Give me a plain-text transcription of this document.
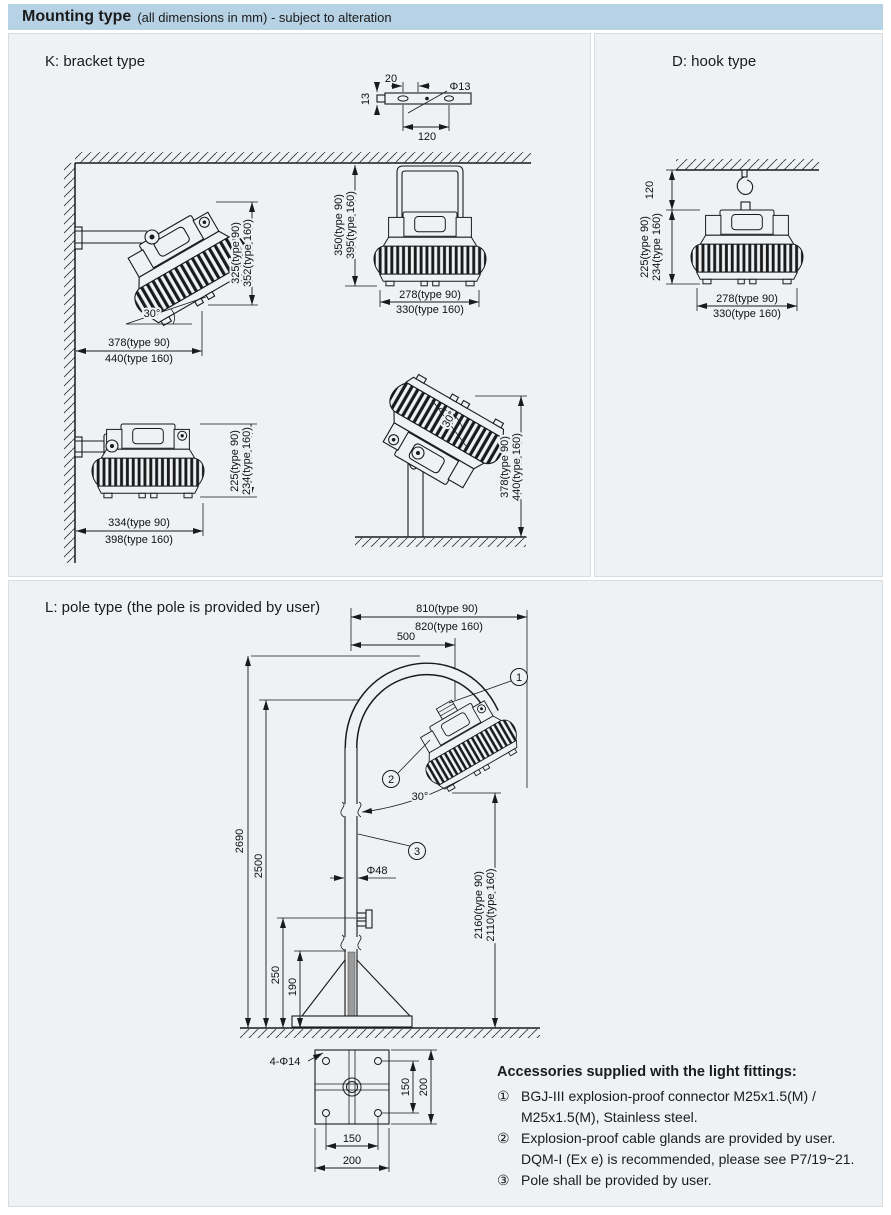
Mounting type (all dimensions in mm) - subject to alteration
K: bracket type
20
Φ13
13
120
325(type 90) 352(type 160)
378(type 90)
440(type 160)
30°
350(type 90) 395(type 160)
278(type 90)
330(type 160)
225(type 90) 234(type 160)
334(type 90)
398(type 160)
378(type 90) 440(type 160)
30°
D: hook type
120
225(type 90) 234(type 160)
278(type 90)
330(type 160)
L: pole type (the pole is provided by user)	810(type 90)
820(type 160)
500
2690
2500
250
190
Φ48
2160(type 90) 2110(type 160)
30°
1
2
3
4-Φ14
150 200
150
200
Accessories supplied with the light fittings:
① BGJ-III explosion-proof connector M25x1.5(M) /
M25x1.5(M), Stainless steel.
② Explosion-proof cable glands are provided by user.
DQM-I (Ex e) is recommended, please see P7/19~21.
③ Pole shall be provided by user.
